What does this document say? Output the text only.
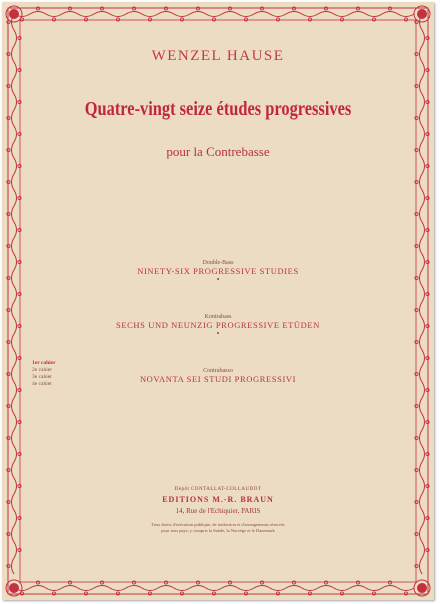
WENZEL HAUSE
Quatre-vingt seize études progressives
pour la Contrebasse
Double-Bass
NINETY-SIX PROGRESSIVE STUDIES
•
Kontrabass
SECHS UND NEUNZIG PROGRESSIVE ETÜDEN
•
Contrabasso
NOVANTA SEI STUDI PROGRESSIVI
1er cahier
2e cahier
3e cahier
4e cahier
Dépôt CONTALLAT-COLLAUDOT
EDITIONS M.-R. BRAUN
14, Rue de l'Echiquier, PARIS
Tous droits d'exécution publique, de traduction et d'arrangements réservés
pour tous pays, y compris la Suède, la Norvège et le Danemark
